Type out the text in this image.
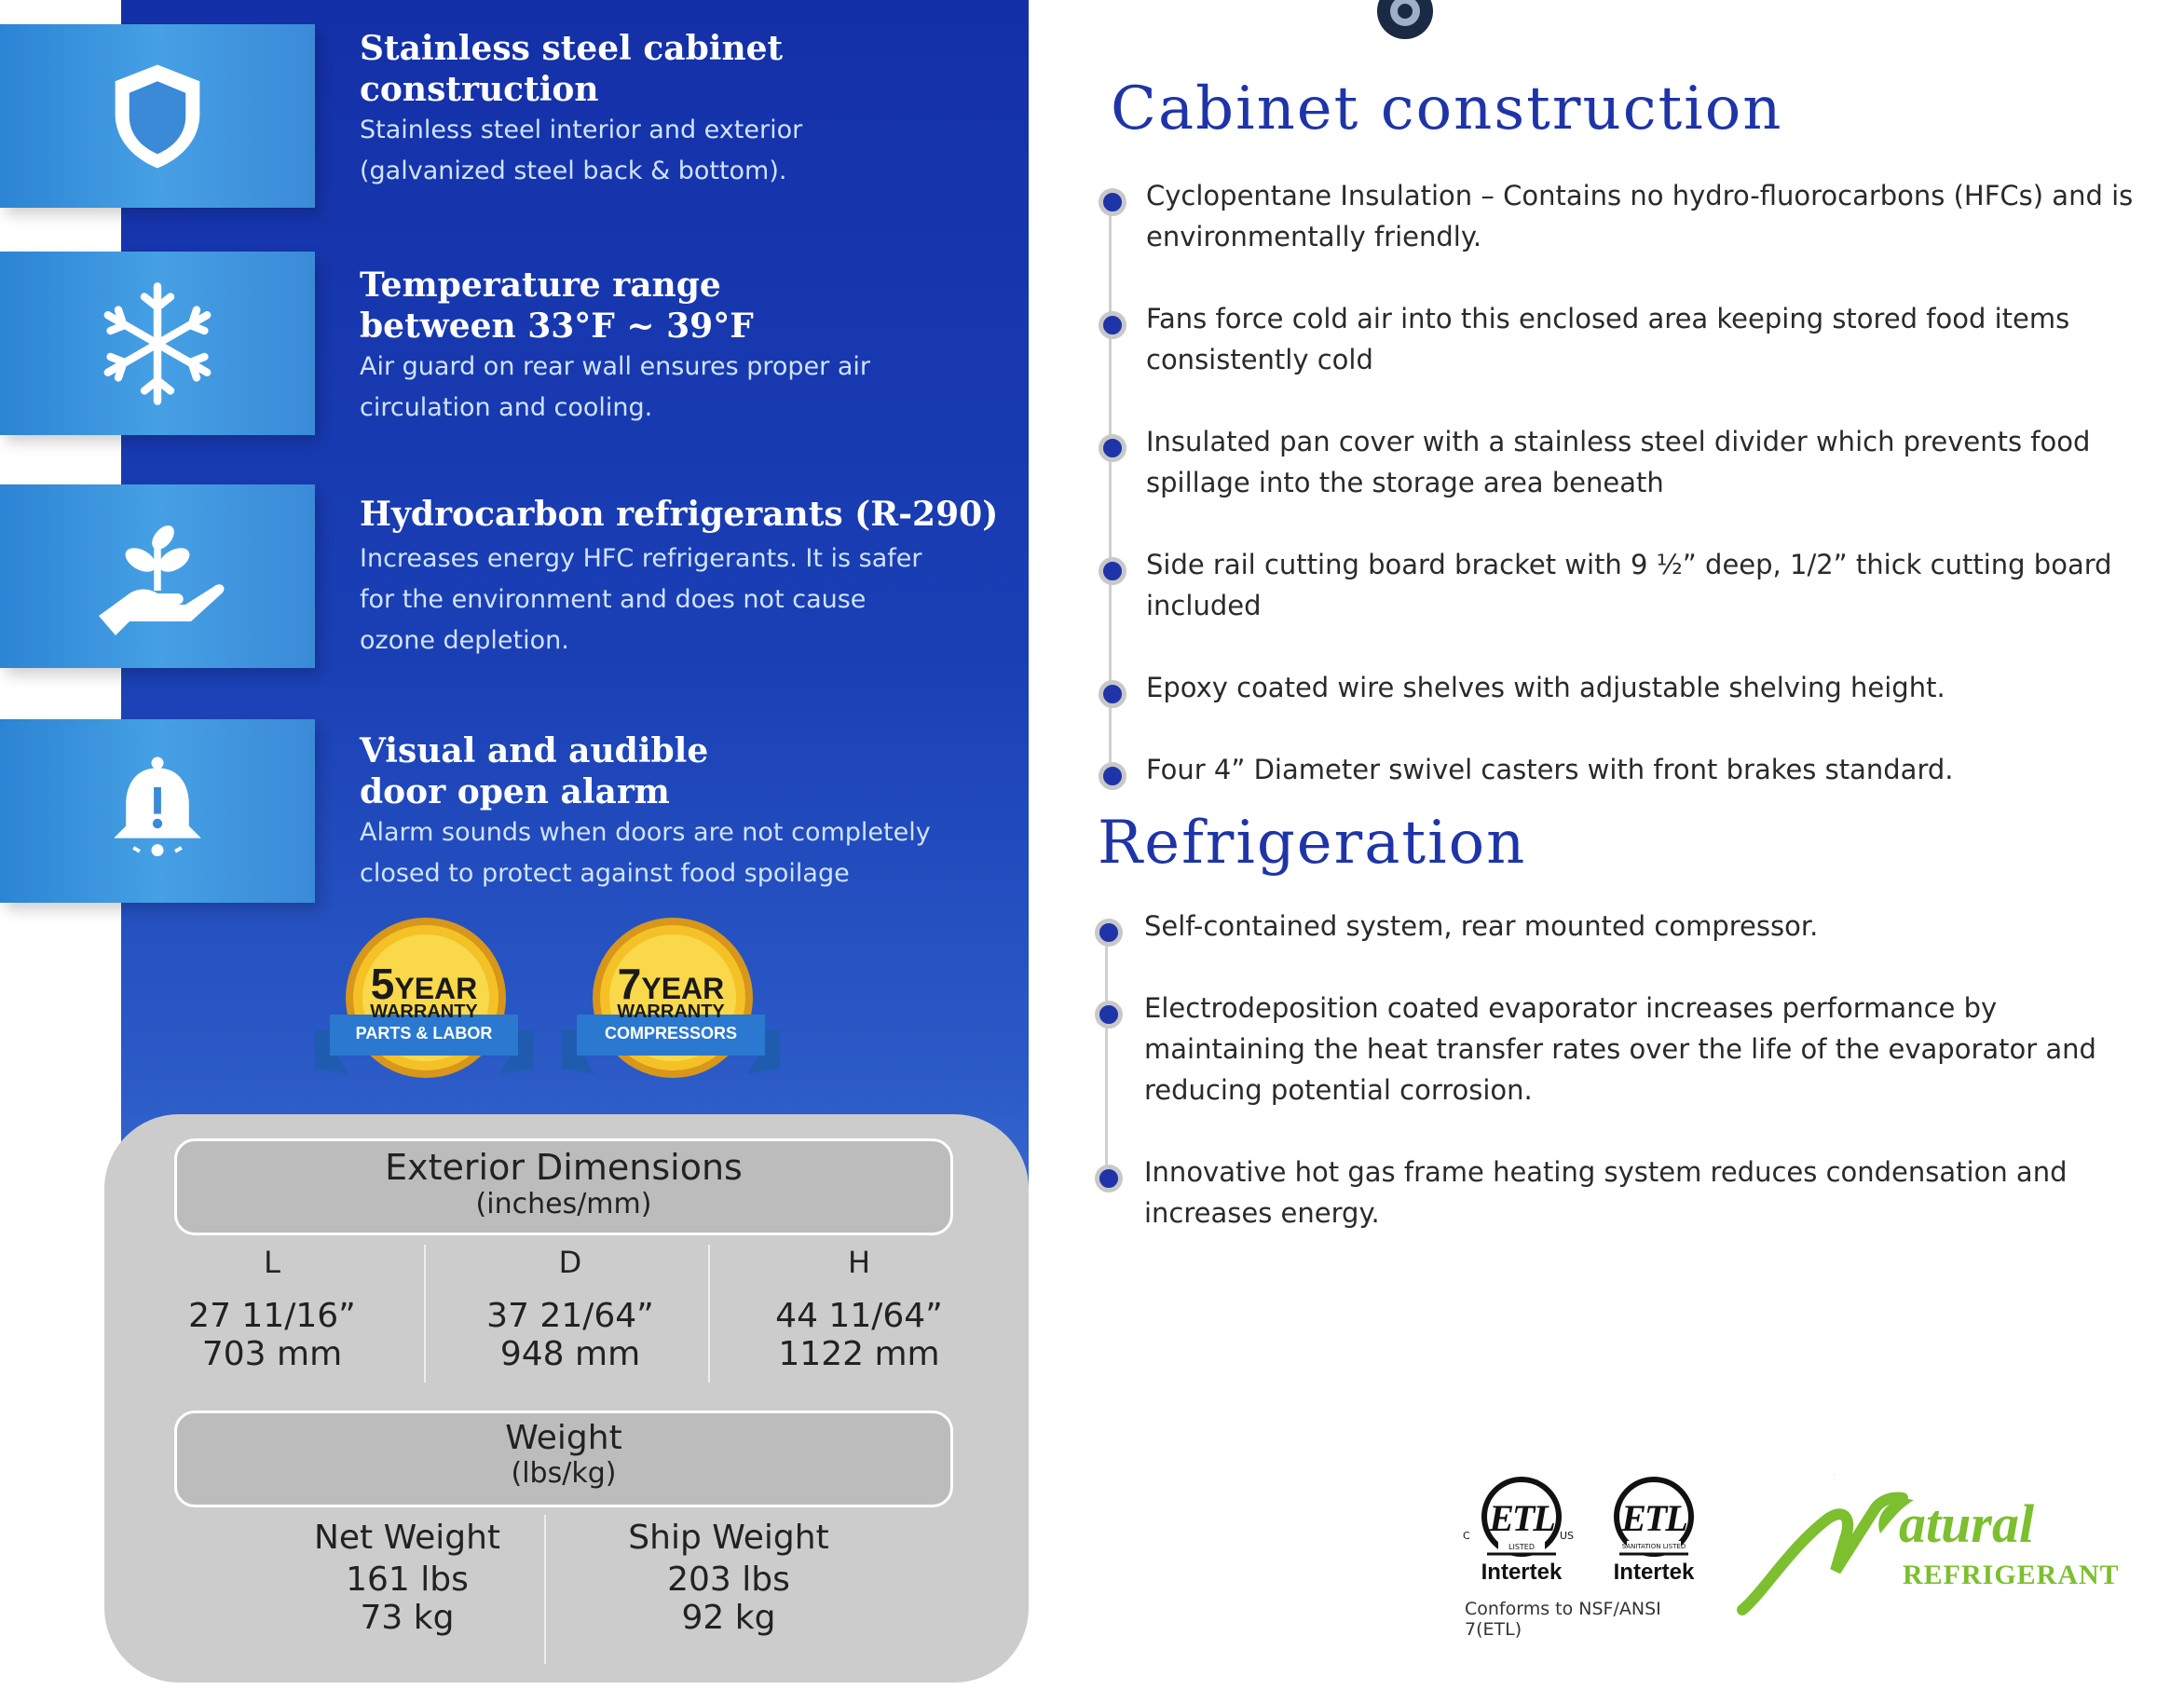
Stainless steel cabinet construction
Stainless steel interior and exterior (galvanized steel back & bottom).
Temperature range between 33°F ~ 39°F
Air guard on rear wall ensures proper air circulation and cooling.
Hydrocarbon refrigerants (R-290)
Increases energy HFC refrigerants. It is safer for the environment and does not cause ozone depletion.
Visual and audible door open alarm
Alarm sounds when doors are not completely closed to protect against food spoilage
5YEAR
WARRANTY
PARTS & LABOR
7YEAR
WARRANTY
COMPRESSORS
Exterior Dimensions
(inches/mm)
L
27 11/16”
703 mm
D
37 21/64”
948 mm
H
44 11/64”
1122 mm
Weight
(lbs/kg)
Net Weight
161 lbs
73 kg
Ship Weight
203 lbs
92 kg
Cabinet construction
Cyclopentane Insulation – Contains no hydro-fluorocarbons (HFCs) and is environmentally friendly.
Fans force cold air into this enclosed area keeping stored food items consistently cold
Insulated pan cover with a stainless steel divider which prevents food spillage into the storage area beneath
Side rail cutting board bracket with 9 ½” deep, 1/2” thick cutting board included
Epoxy coated wire shelves with adjustable shelving height.
Four 4” Diameter swivel casters with front brakes standard.
Refrigeration
Self-contained system, rear mounted compressor.
Electrodeposition coated evaporator increases performance by maintaining the heat transfer rates over the life of the evaporator and reducing potential corrosion.
Innovative hot gas frame heating system reduces condensation and increases energy.
ETL
LISTED
C	US
Intertek
ETL
SANITATION LISTED
Intertek
Conforms to NSF/ANSI 7(ETL)
N
atural
REFRIGERANT
